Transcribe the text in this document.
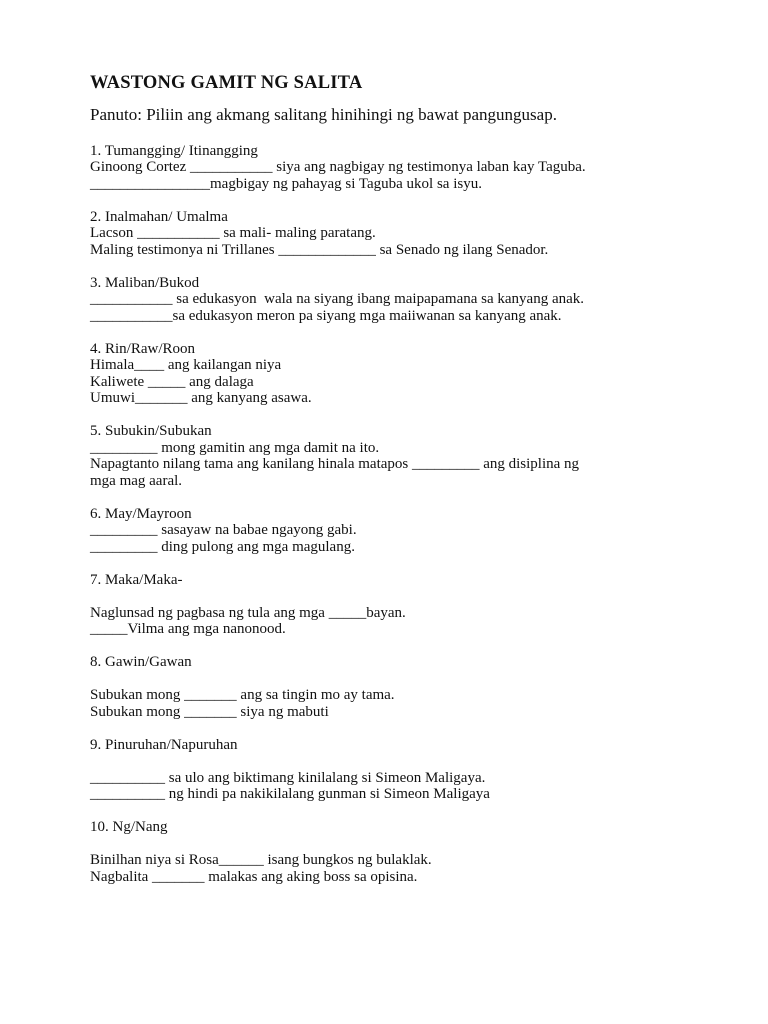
WASTONG GAMIT NG SALITA
Panuto: Piliin ang akmang salitang hinihingi ng bawat pangungusap.
1. Tumangging/ Itinangging
Ginoong Cortez ___________ siya ang nagbigay ng testimonya laban kay Taguba.
________________magbigay ng pahayag si Taguba ukol sa isyu.
2. Inalmahan/ Umalma
Lacson ___________ sa mali- maling paratang.
Maling testimonya ni Trillanes _____________ sa Senado ng ilang Senador.
3. Maliban/Bukod
___________ sa edukasyon  wala na siyang ibang maipapamana sa kanyang anak.
___________sa edukasyon meron pa siyang mga maiiwanan sa kanyang anak.
4. Rin/Raw/Roon
Himala____ ang kailangan niya
Kaliwete _____ ang dalaga
Umuwi_______ ang kanyang asawa.
5. Subukin/Subukan
_________ mong gamitin ang mga damit na ito.
Napagtanto nilang tama ang kanilang hinala matapos _________ ang disiplina ng
mga mag aaral.
6. May/Mayroon
_________ sasayaw na babae ngayong gabi.
_________ ding pulong ang mga magulang.
7. Maka/Maka-
Naglunsad ng pagbasa ng tula ang mga _____bayan.
_____Vilma ang mga nanonood.
8. Gawin/Gawan
Subukan mong _______ ang sa tingin mo ay tama.
Subukan mong _______ siya ng mabuti
9. Pinuruhan/Napuruhan
__________ sa ulo ang biktimang kinilalang si Simeon Maligaya.
__________ ng hindi pa nakikilalang gunman si Simeon Maligaya
10. Ng/Nang
Binilhan niya si Rosa______ isang bungkos ng bulaklak.
Nagbalita _______ malakas ang aking boss sa opisina.
